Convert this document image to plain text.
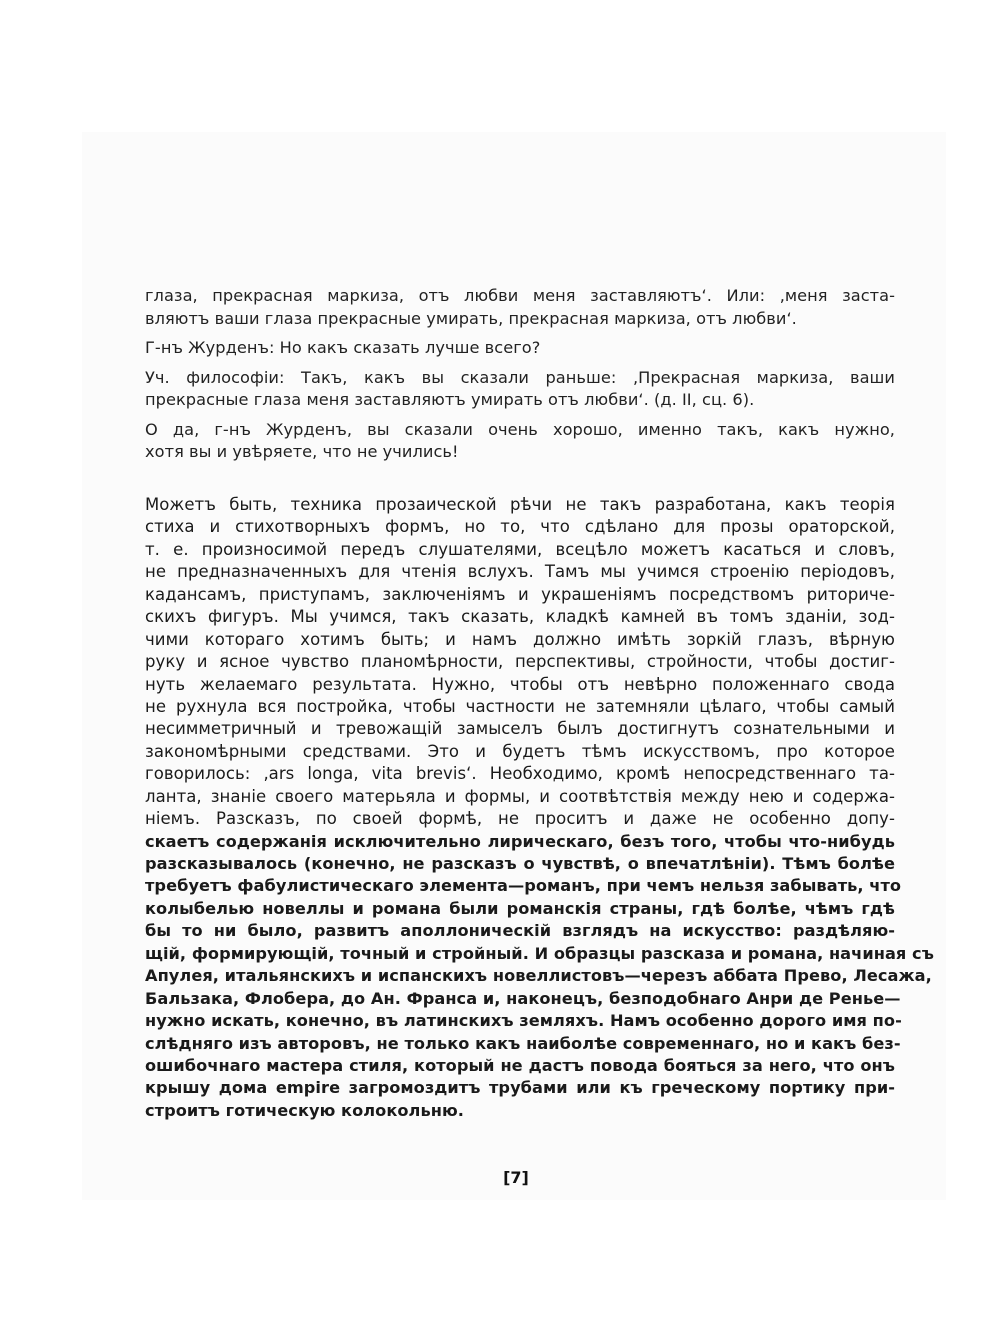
глаза, прекрасная маркиза, отъ любви меня заставляютъ‘. Или: ‚меня заста-
вляютъ ваши глаза прекрасные умирать, прекрасная маркиза, отъ любви‘.
Г-нъ Журденъ: Но какъ сказать лучше всего?
Уч. философiи: Такъ, какъ вы сказали раньше: ‚Прекрасная маркиза, ваши
прекрасные глаза меня заставляютъ умирать отъ любви‘. (д. II, сц. 6).
О да, г-нъ Журденъ, вы сказали очень хорошо, именно такъ, какъ нужно,
хотя вы и увѣряете, что не учились!
Можетъ быть, техника прозаической рѣчи не такъ разработана, какъ теорія
стиха и стихотворныхъ формъ, но то, что сдѣлано для прозы ораторской,
т. е. произносимой передъ слушателями, всецѣло можетъ касаться и словъ,
не предназначенныхъ для чтенія вслухъ. Тамъ мы учимся строенiю перiодовъ,
кадансамъ, приступамъ, заключенiямъ и украшенiямъ посредствомъ риториче-
скихъ фигуръ. Мы учимся, такъ сказать, кладкѣ камней въ томъ зданiи, зод-
чими котораго хотимъ быть; и намъ должно имѣть зоркiй глазъ, вѣрную
руку и ясное чувство планомѣрности, перспективы, стройности, чтобы достиг-
нуть желаемаго результата. Нужно, чтобы отъ невѣрно положеннаго свода
не рухнула вся постройка, чтобы частности не затемняли цѣлаго, чтобы самый
несимметричный и тревожащiй замыселъ былъ достигнутъ сознательными и
закономѣрными средствами. Это и будетъ тѣмъ искусствомъ, про которое
говорилось: ‚ars longa, vita brevis‘. Необходимо, кромѣ непосредственнаго та-
ланта, знанiе своего матерьяла и формы, и соотвѣтствiя между нею и содержа-
нiемъ. Разсказъ, по своей формѣ, не проситъ и даже не особенно допу-
скаетъ содержанiя исключительно лирическаго, безъ того, чтобы что-нибудь
разсказывалось (конечно, не разсказъ о чувствѣ, о впечатлѣнiи). Тѣмъ болѣе
требуетъ фабулистическаго элемента—романъ, при чемъ нельзя забывать, что
колыбелью новеллы и романа были романскiя страны, гдѣ болѣе, чѣмъ гдѣ
бы то ни было, развитъ аполлоническiй взглядъ на искусство: раздѣляю-
щiй, формирующiй, точный и стройный. И образцы разсказа и романа, начиная съ
Апулея, итальянскихъ и испанскихъ новеллистовъ—черезъ аббата Прево, Лесажа,
Бальзака, Флобера, до Ан. Франса и, наконецъ, безподобнаго Анри де Ренье—
нужно искать, конечно, въ латинскихъ земляхъ. Намъ особенно дорого имя по-
слѣдняго изъ авторовъ, не только какъ наиболѣе современнаго, но и какъ без-
ошибочнаго мастера стиля, который не дастъ повода бояться за него, что онъ
крышу дома empire загромоздитъ трубами или къ греческому портику при-
строитъ готическую колокольню.
[7]
